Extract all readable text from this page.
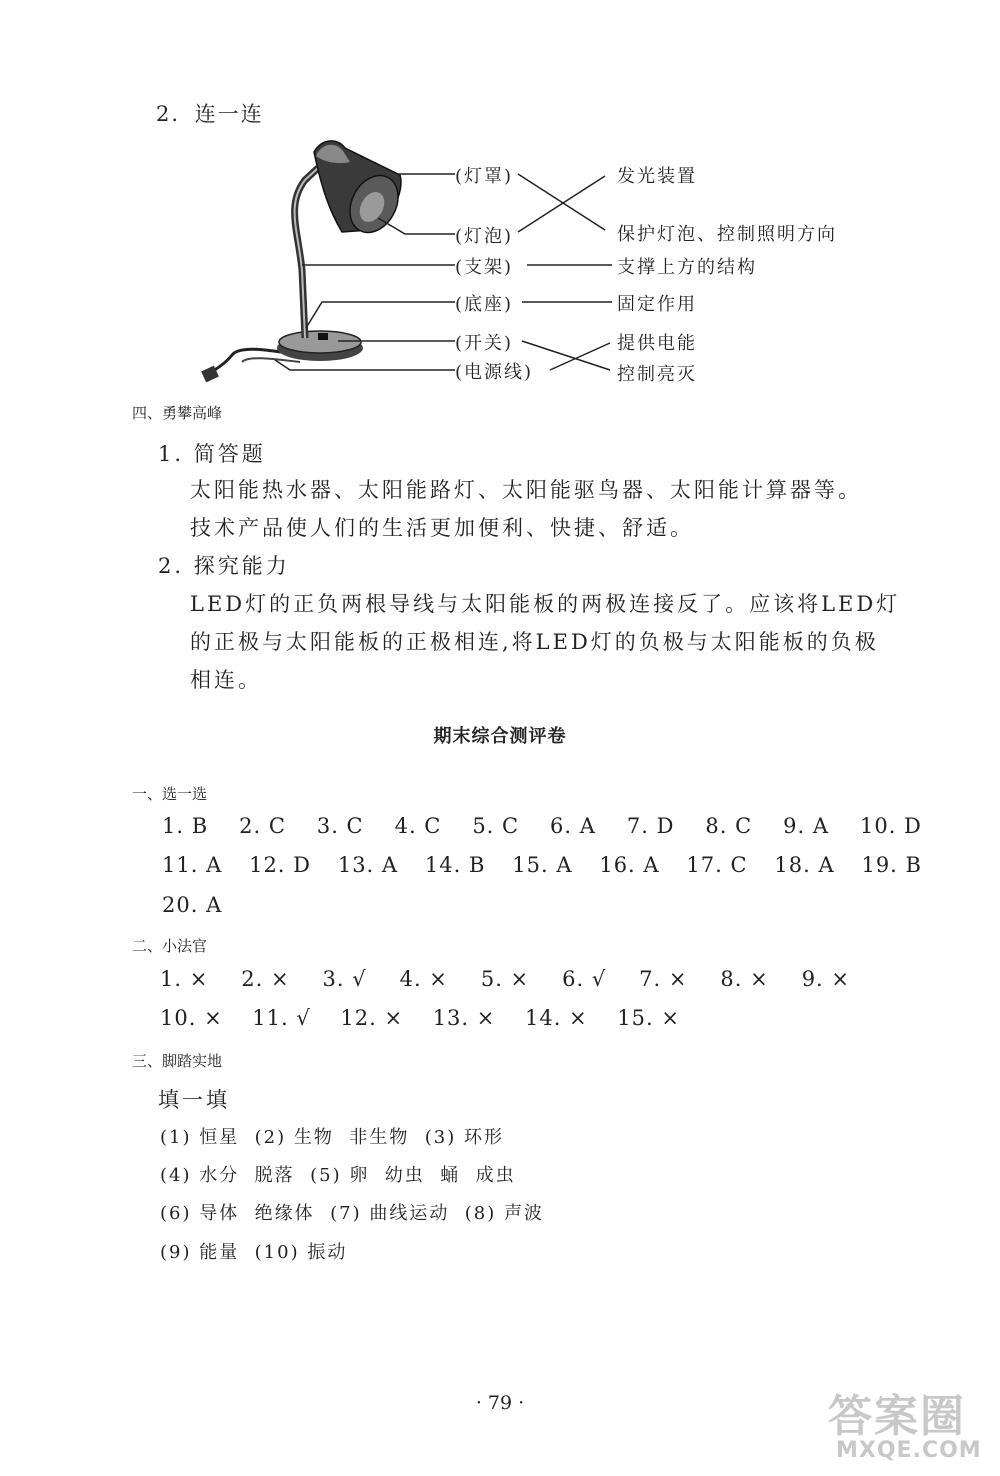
2. 连一连
(灯罩)
(灯泡)
(支架)
(底座)
(开关)
(电源线)
发光装置
保护灯泡、控制照明方向
支撑上方的结构
固定作用
提供电能
控制亮灭
四、勇攀高峰
1. 简答题
太阳能热水器、太阳能路灯、太阳能驱鸟器、太阳能计算器等。
技术产品使人们的生活更加便利、快捷、舒适。
2. 探究能力
LED灯的正负两根导线与太阳能板的两极连接反了。应该将LED灯
的正极与太阳能板的正极相连,将LED灯的负极与太阳能板的负极
相连。
期末综合测评卷
一、选一选
1. B 2. C 3. C 4. C 5. C 6. A 7. D 8. C 9. A 10. D
11. A 12. D 13. A 14. B 15. A 16. A 17. C 18. A 19. B
20. A
二、小法官
1. × 2. × 3. √ 4. × 5. × 6. √ 7. × 8. × 9. ×
10. × 11. √ 12. × 13. × 14. × 15. ×
三、脚踏实地
填一填
(1) 恒星  (2) 生物  非生物  (3) 环形
(4) 水分  脱落  (5) 卵  幼虫  蛹  成虫
(6) 导体  绝缘体  (7) 曲线运动  (8) 声波
(9) 能量  (10) 振动
· 79 ·	答案圈
MXQE.COM
